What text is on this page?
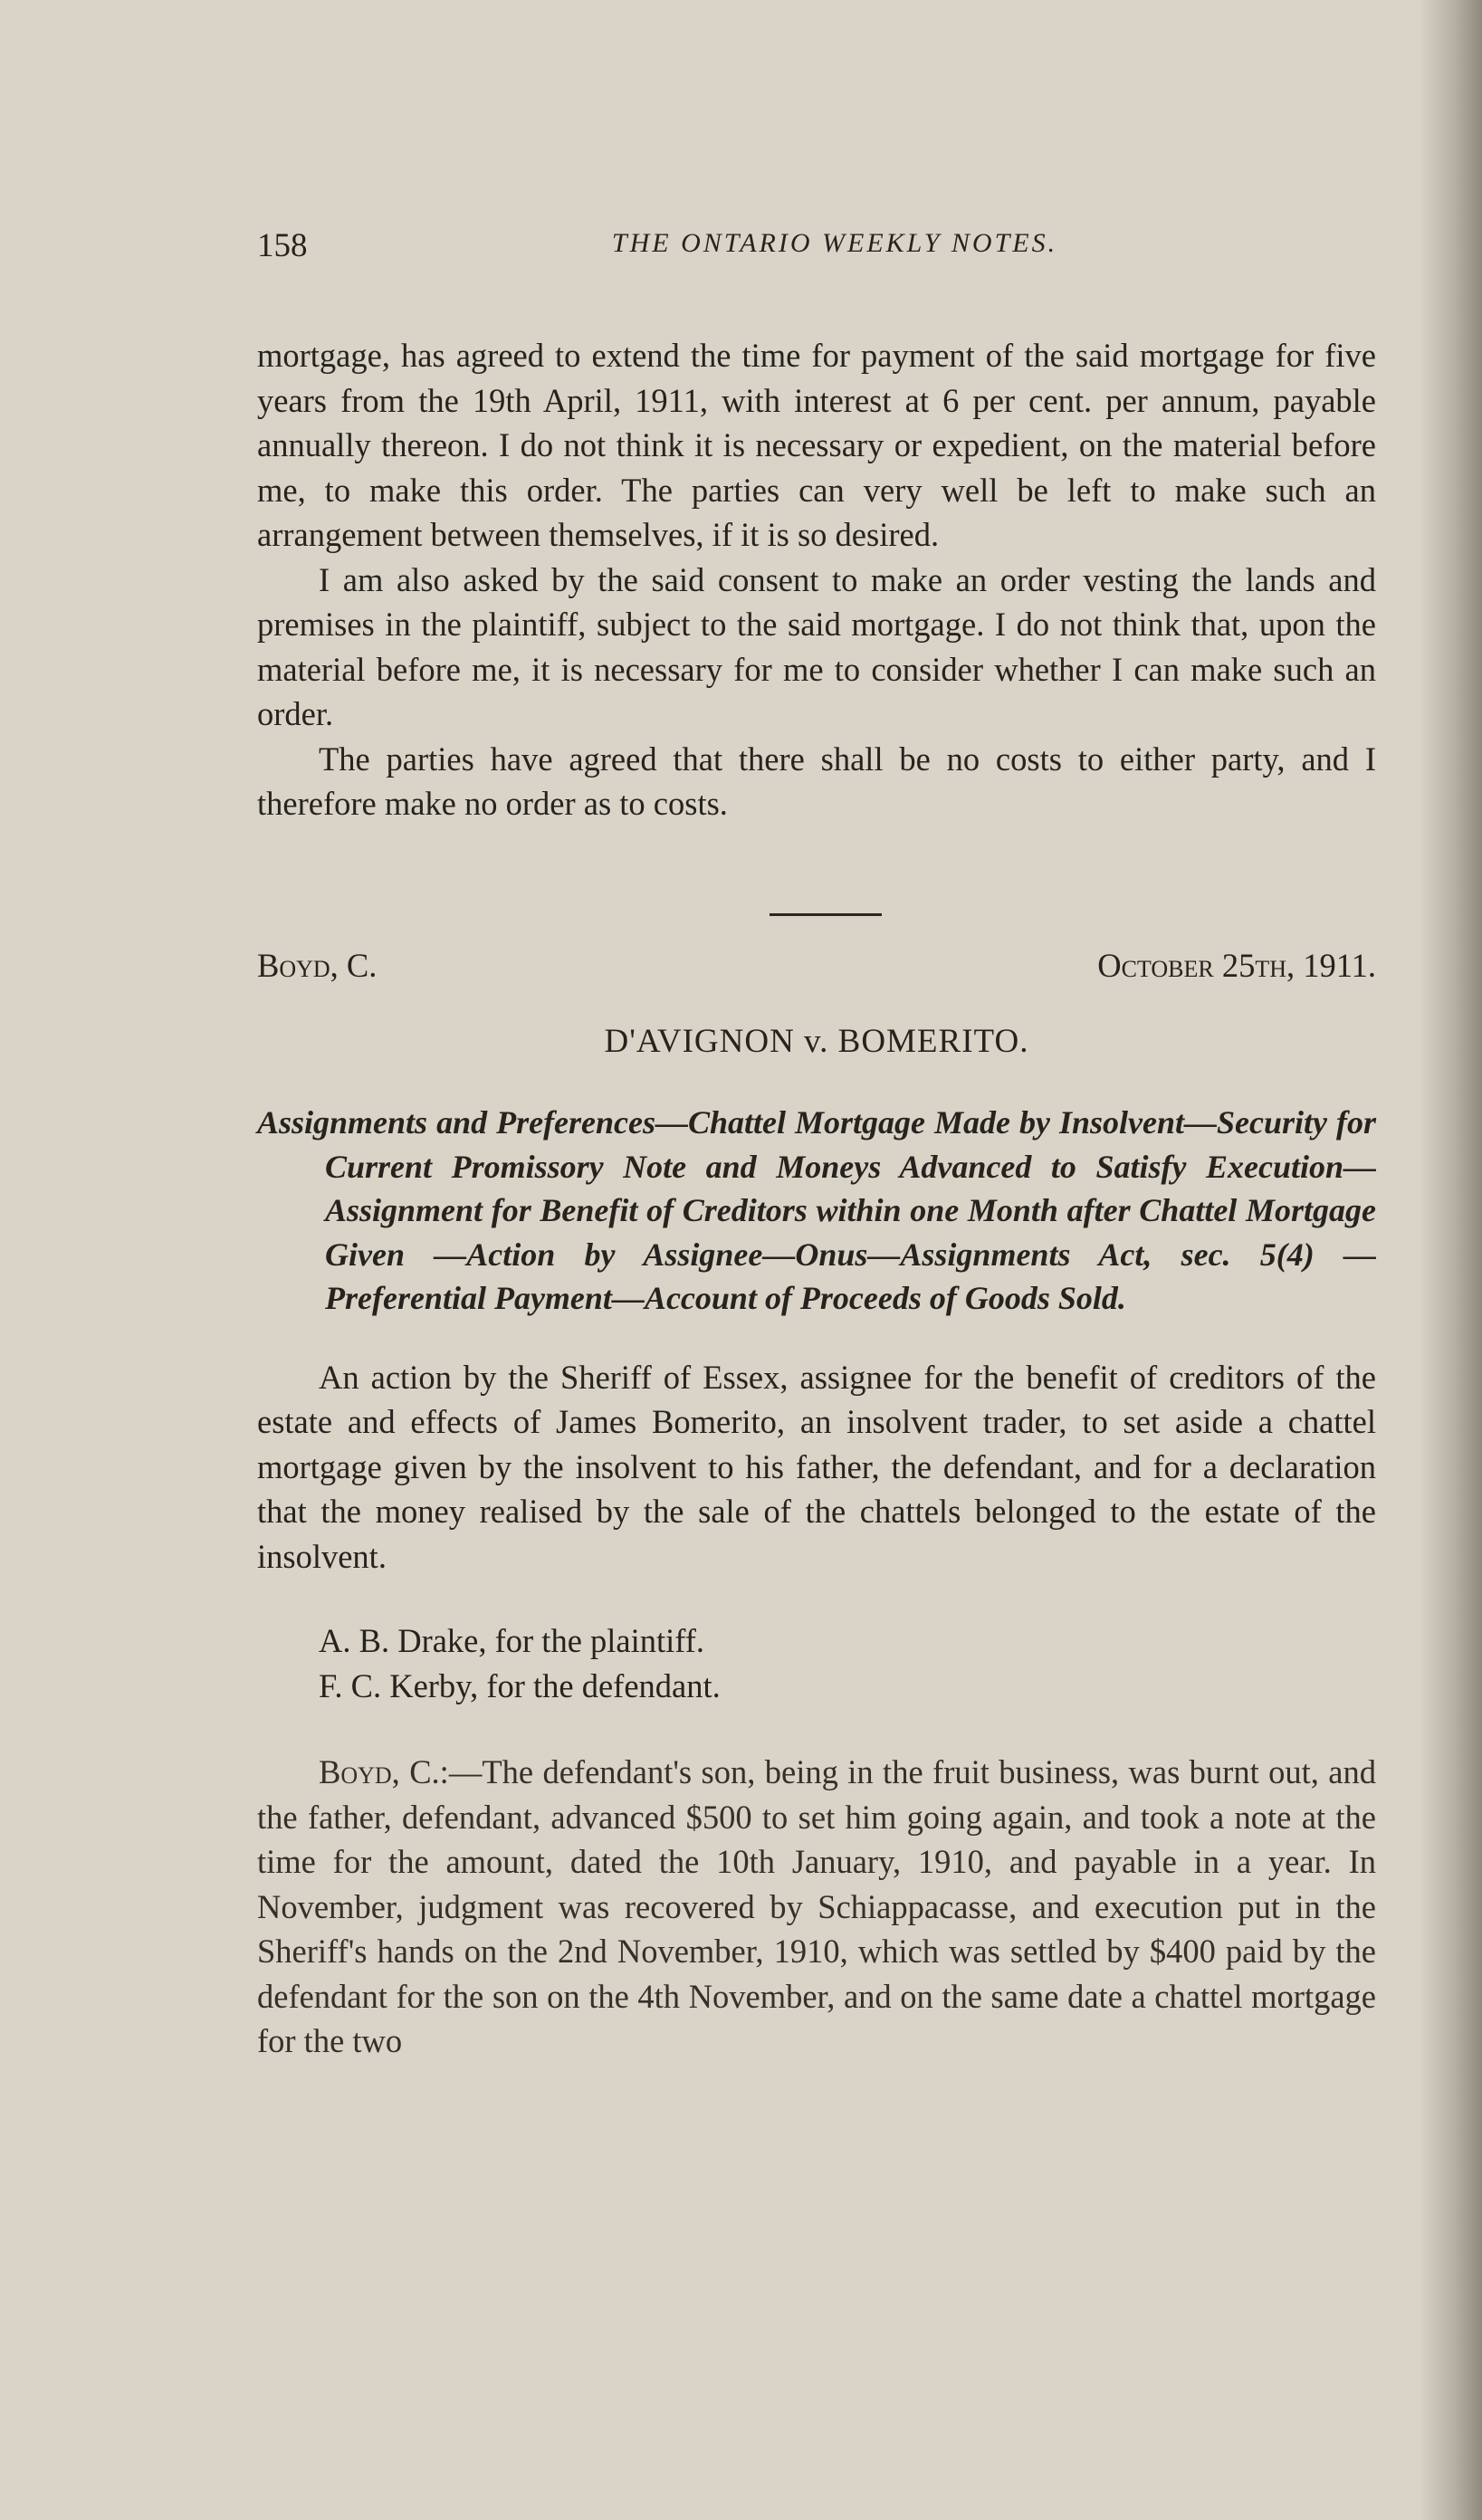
158	THE ONTARIO WEEKLY NOTES.

mortgage, has agreed to extend the time for payment of the said mortgage for five years from the 19th April, 1911, with interest at 6 per cent. per annum, payable annually thereon. I do not think it is necessary or expedient, on the material before me, to make this order. The parties can very well be left to make such an arrangement between themselves, if it is so desired.

I am also asked by the said consent to make an order vesting the lands and premises in the plaintiff, subject to the said mortgage. I do not think that, upon the material before me, it is necessary for me to consider whether I can make such an order.

The parties have agreed that there shall be no costs to either party, and I therefore make no order as to costs.

Boyd, C.	October 25th, 1911.
D'AVIGNON v. BOMERITO.
Assignments and Preferences—Chattel Mortgage Made by Insolvent—Security for Current Promissory Note and Moneys Advanced to Satisfy Execution—Assignment for Benefit of Creditors within one Month after Chattel Mortgage Given —Action by Assignee—Onus—Assignments Act, sec. 5(4) —Preferential Payment—Account of Proceeds of Goods Sold.

An action by the Sheriff of Essex, assignee for the benefit of creditors of the estate and effects of James Bomerito, an insolvent trader, to set aside a chattel mortgage given by the insolvent to his father, the defendant, and for a declaration that the money realised by the sale of the chattels belonged to the estate of the insolvent.

A. B. Drake, for the plaintiff.

F. C. Kerby, for the defendant.

Boyd, C.:—The defendant's son, being in the fruit business, was burnt out, and the father, defendant, advanced $500 to set him going again, and took a note at the time for the amount, dated the 10th January, 1910, and payable in a year. In November, judgment was recovered by Schiappacasse, and execution put in the Sheriff's hands on the 2nd November, 1910, which was settled by $400 paid by the defendant for the son on the 4th November, and on the same date a chattel mortgage for the two
